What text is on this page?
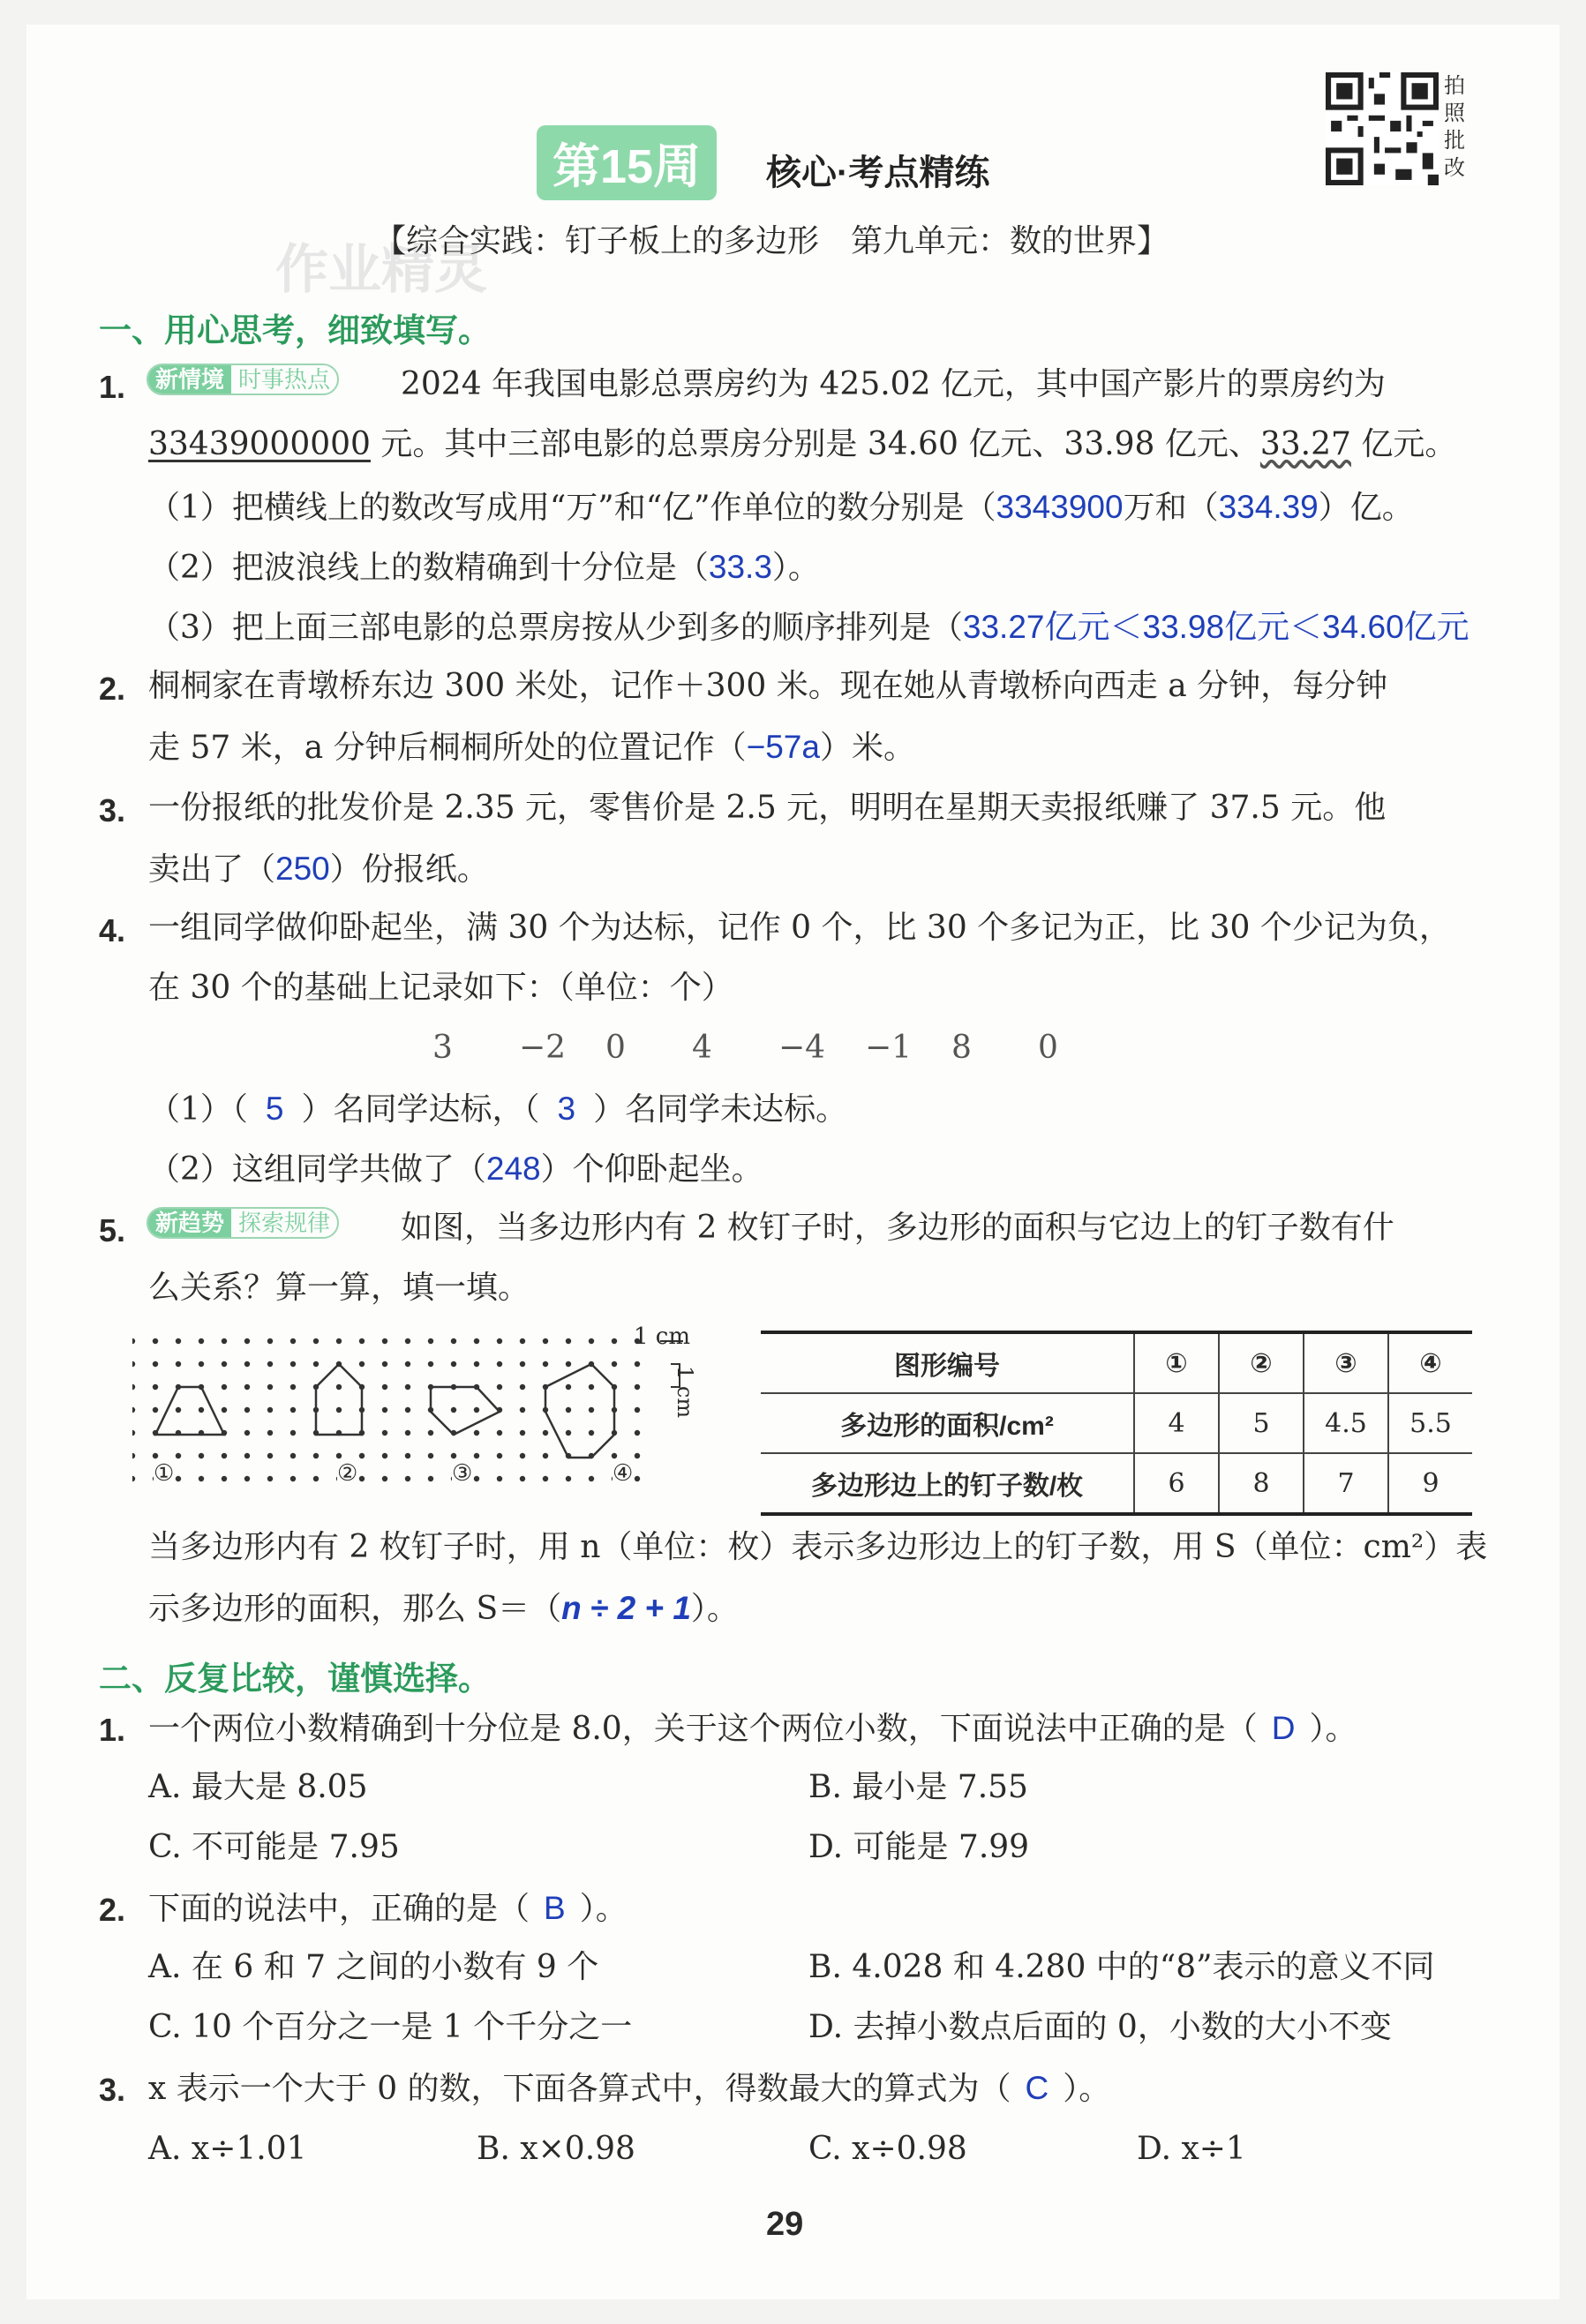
第15周	核心·考点精练
拍照批改
作业精灵
【综合实践：钉子板上的多边形　第九单元：数的世界】
一、用心思考，细致填写。
1.	新情境 时事热点 2024 年我国电影总票房约为 425.02 亿元，其中国产影片的票房约为
33439000000 元。其中三部电影的总票房分别是 34.60 亿元、33.98 亿元、33.27 亿元。
（1）把横线上的数改写成用“万”和“亿”作单位的数分别是（3343900万和（334.39）亿。
（2）把波浪线上的数精确到十分位是（33.3）。
（3）把上面三部电影的总票房按从少到多的顺序排列是（33.27亿元＜33.98亿元＜34.60亿元
2. 桐桐家在青墩桥东边 300 米处，记作＋300 米。现在她从青墩桥向西走 a 分钟，每分钟
走 57 米，a 分钟后桐桐所处的位置记作（−57a）米。
3. 一份报纸的批发价是 2.35 元，零售价是 2.5 元，明明在星期天卖报纸赚了 37.5 元。他
卖出了（250）份报纸。
4. 一组同学做仰卧起坐，满 30 个为达标，记作 0 个，比 30 个多记为正，比 30 个少记为负，
在 30 个的基础上记录如下：（单位：个）
3 −2 0 4 −4 −1 8 0
（1）（ 5 ）名同学达标，（ 3 ）名同学未达标。
（2）这组同学共做了（248）个仰卧起坐。
5.	新趋势 探索规律 如图，当多边形内有 2 枚钉子时，多边形的面积与它边上的钉子数有什
么关系？算一算，填一填。
1 cm
1 cm
①	②	③	④
图形编号	①	②	③	④
多边形的面积/cm²	4	5	4.5	5.5
多边形边上的钉子数/枚	6	8	7	9
当多边形内有 2 枚钉子时，用 n（单位：枚）表示多边形边上的钉子数，用 S（单位：cm²）表
示多边形的面积，那么 S＝（n ÷ 2 + 1）。
二、反复比较，谨慎选择。
1. 一个两位小数精确到十分位是 8.0，关于这个两位小数，下面说法中正确的是（ D ）。
A. 最大是 8.05	B. 最小是 7.55
C. 不可能是 7.95	D. 可能是 7.99
2. 下面的说法中，正确的是（ B ）。
A. 在 6 和 7 之间的小数有 9 个	B. 4.028 和 4.280 中的“8”表示的意义不同
C. 10 个百分之一是 1 个千分之一	D. 去掉小数点后面的 0，小数的大小不变
3. x 表示一个大于 0 的数，下面各算式中，得数最大的算式为（ C ）。
A. x÷1.01	B. x×0.98	C. x÷0.98	D. x÷1
29
